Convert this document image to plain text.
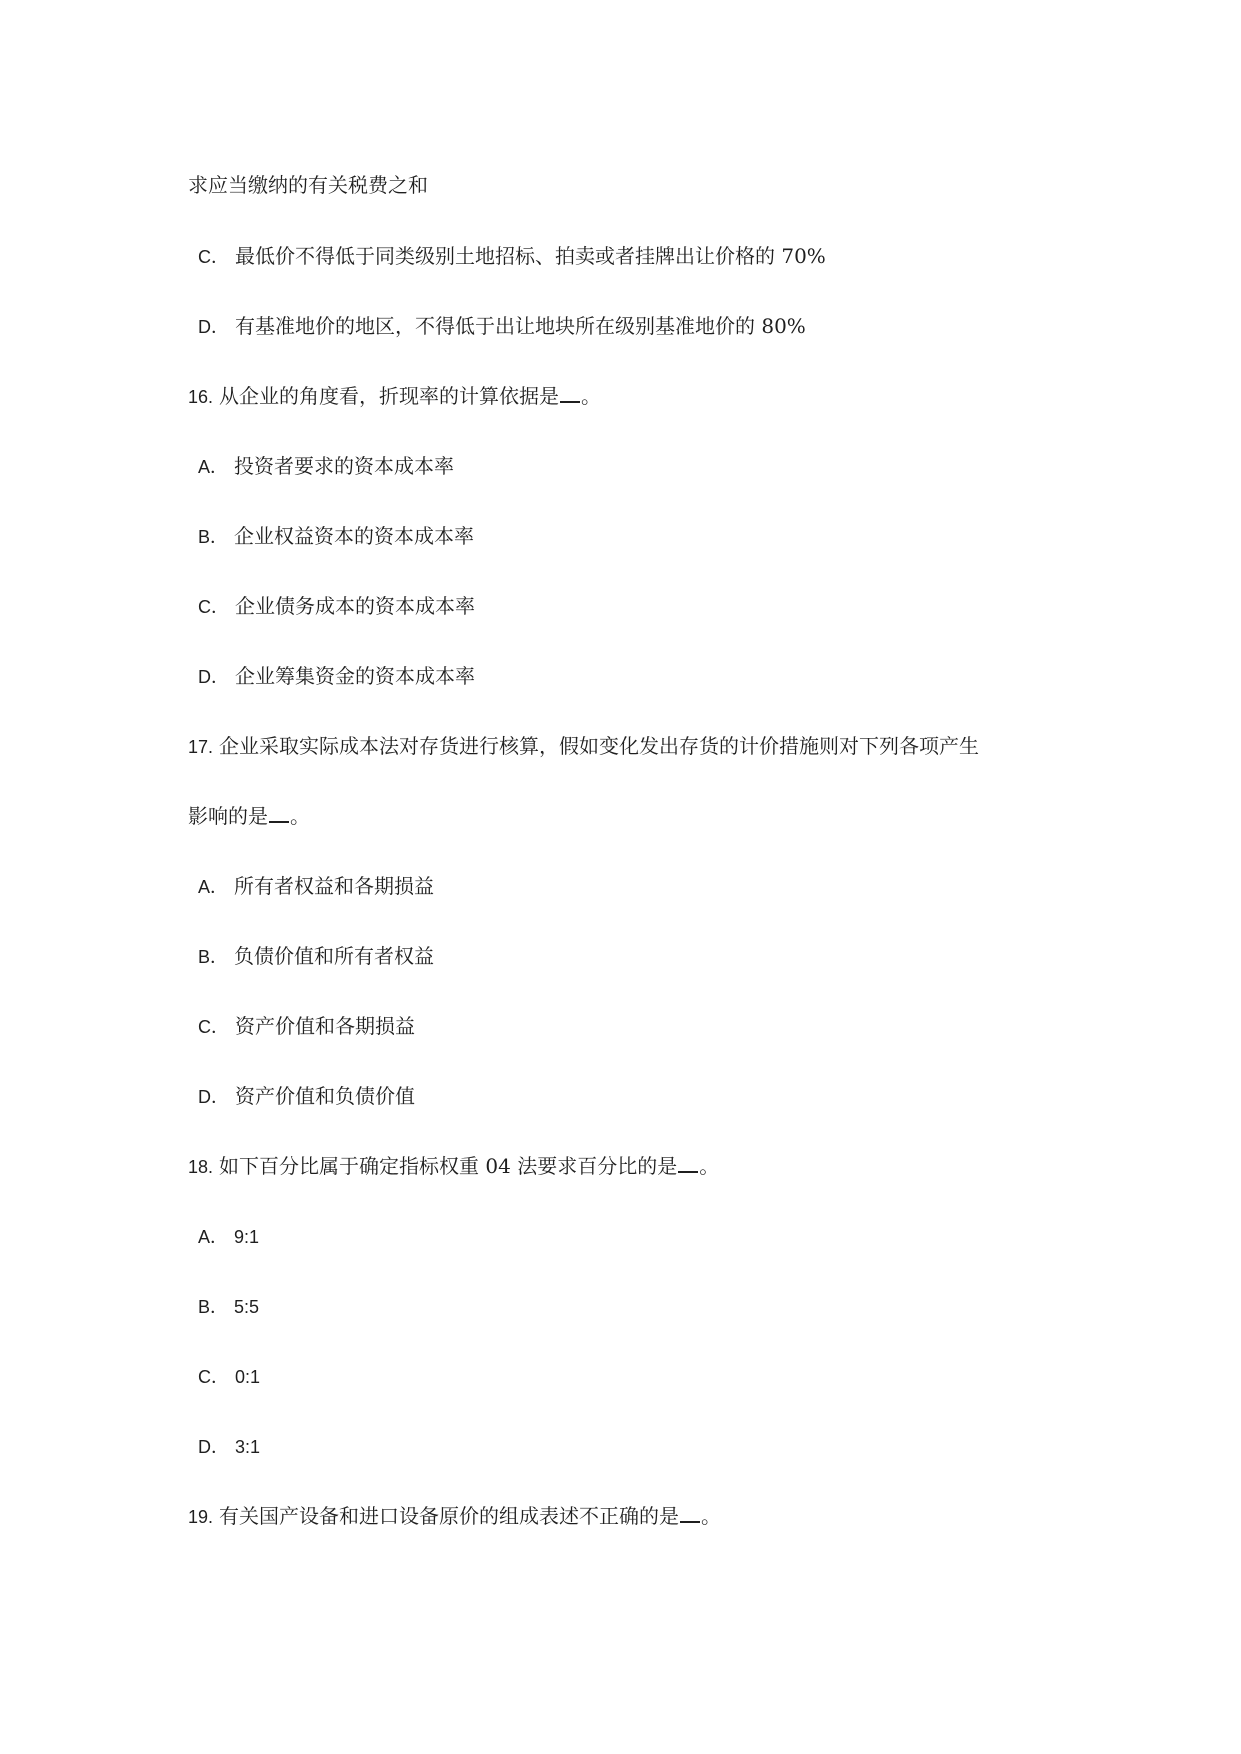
求应当缴纳的有关税费之和
C． 最低价不得低于同类级别土地招标、拍卖或者挂牌出让价格的 70%
D． 有基准地价的地区，不得低于出让地块所在级别基准地价的 80%
16. 从企业的角度看，折现率的计算依据是 。
A． 投资者要求的资本成本率
B． 企业权益资本的资本成本率
C． 企业债务成本的资本成本率
D． 企业筹集资金的资本成本率
17. 企业采取实际成本法对存货进行核算，假如变化发出存货的计价措施则对下列各项产生
影响的是 。
A． 所有者权益和各期损益
B． 负债价值和所有者权益
C． 资产价值和各期损益
D． 资产价值和负债价值
18. 如下百分比属于确定指标权重 04 法要求百分比的是 。
A． 9:1
B． 5:5
C． 0:1
D． 3:1
19. 有关国产设备和进口设备原价的组成表述不正确的是 。
